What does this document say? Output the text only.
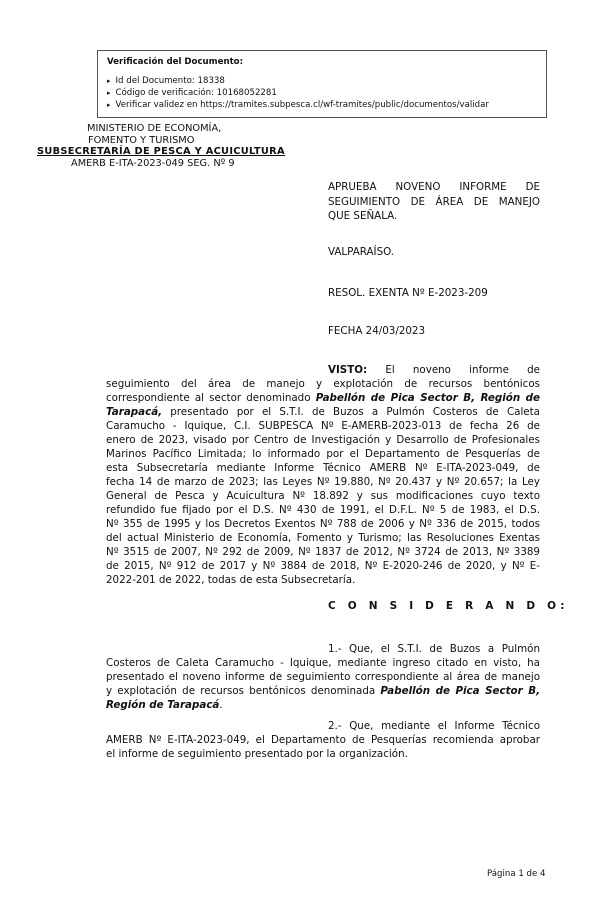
Verificación del Documento:
▸ Id del Documento: 18338
▸ Código de verificación: 10168052281
▸ Verificar validez en https://tramites.subpesca.cl/wf-tramites/public/documentos/validar
MINISTERIO DE ECONOMÍA,
FOMENTO Y TURISMO
SUBSECRETARÍA DE PESCA Y ACUICULTURA
AMERB E-ITA-2023-049 SEG. Nº 9
APRUEBA NOVENO INFORME DE
SEGUIMIENTO DE ÁREA DE MANEJO
QUE SEÑALA.
VALPARAÍSO.
RESOL. EXENTA Nº E-2023-209
FECHA 24/03/2023
VISTO: El noveno informe de
seguimiento del área de manejo y explotación de recursos bentónicos
correspondiente al sector denominado Pabellón de Pica Sector B, Región de
Tarapacá, presentado por el S.T.I. de Buzos a Pulmón Costeros de Caleta
Caramucho - Iquique, C.I. SUBPESCA Nº E-AMERB-2023-013 de fecha 26 de
enero de 2023, visado por Centro de Investigación y Desarrollo de Profesionales
Marinos Pacífico Limitada; lo informado por el Departamento de Pesquerías de
esta Subsecretaría mediante Informe Técnico AMERB Nº E-ITA-2023-049, de
fecha 14 de marzo de 2023; las Leyes Nº 19.880, Nº 20.437 y Nº 20.657; la Ley
General de Pesca y Acuicultura Nº 18.892 y sus modificaciones cuyo texto
refundido fue fijado por el D.S. Nº 430 de 1991, el D.F.L. Nº 5 de 1983, el D.S.
Nº 355 de 1995 y los Decretos Exentos Nº 788 de 2006 y Nº 336 de 2015, todos
del actual Ministerio de Economía, Fomento y Turismo; las Resoluciones Exentas
Nº 3515 de 2007, Nº 292 de 2009, Nº 1837 de 2012, Nº 3724 de 2013, Nº 3389
de 2015, Nº 912 de 2017 y Nº 3884 de 2018, Nº E-2020-246 de 2020, y Nº E-
2022-201 de 2022, todas de esta Subsecretaría.
C O N S I D E R A N D O:
1.- Que, el S.T.I. de Buzos a Pulmón
Costeros de Caleta Caramucho - Iquique, mediante ingreso citado en visto, ha
presentado el noveno informe de seguimiento correspondiente al área de manejo
y explotación de recursos bentónicos denominada Pabellón de Pica Sector B,
Región de Tarapacá.
2.- Que, mediante el Informe Técnico
AMERB Nº E-ITA-2023-049, el Departamento de Pesquerías recomienda aprobar
el informe de seguimiento presentado por la organización.
Página 1 de 4
